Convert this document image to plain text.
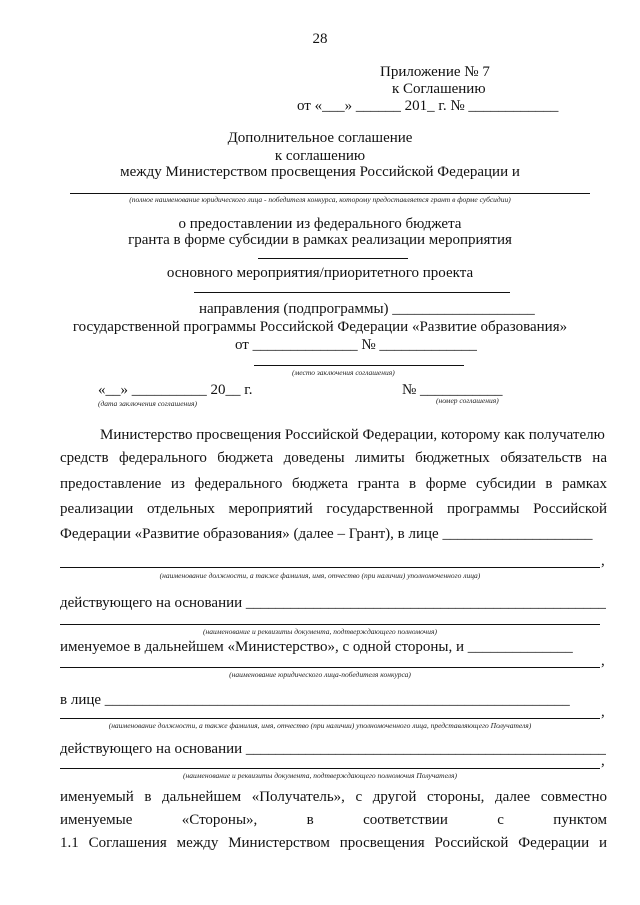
28
Приложение № 7
к Соглашению
от «___» ______ 201_ г. № ____________
Дополнительное соглашение
к соглашению
между Министерством просвещения Российской Федерации и
(полное наименование юридического лица - победителя конкурса, которому предоставляется грант в форме субсидии)
о предоставлении из федерального бюджета
гранта в форме субсидии в рамках реализации мероприятия
основного мероприятия/приоритетного проекта
направления (подпрограммы) ___________________
государственной программы Российской Федерации «Развитие образования»
от ______________ № _____________
(место заключения соглашения)
«__» __________ 20__ г.	№ ___________
(дата заключения соглашения)	(номер соглашения)
Министерство просвещения Российской Федерации, которому как получателю
средств федерального бюджета доведены лимиты бюджетных обязательств на
предоставление из федерального бюджета гранта в форме субсидии в рамках
реализации отдельных мероприятий государственной программы Российской
Федерации «Развитие образования» (далее – Грант), в лице ____________________
,
(наименование должности, а также фамилия, имя, отчество (при наличии) уполномоченного лица)
действующего на основании ________________________________________________
(наименование и реквизиты документа, подтверждающего полномочия)
именуемое в дальнейшем «Министерство», с одной стороны, и ______________
,
(наименование юридического лица-победителя конкурса)
в лице ______________________________________________________________
,
(наименование должности, а также фамилия, имя, отчество (при наличии) уполномоченного лица, представляющего Получателя)
действующего на основании ________________________________________________
,
(наименование и реквизиты документа, подтверждающего полномочия Получателя)
именуемый в дальнейшем «Получатель», с другой стороны, далее совместно
именуемые	«Стороны»,	в	соответствии	с	пунктом
1.1 Соглашения между Министерством просвещения Российской Федерации и
